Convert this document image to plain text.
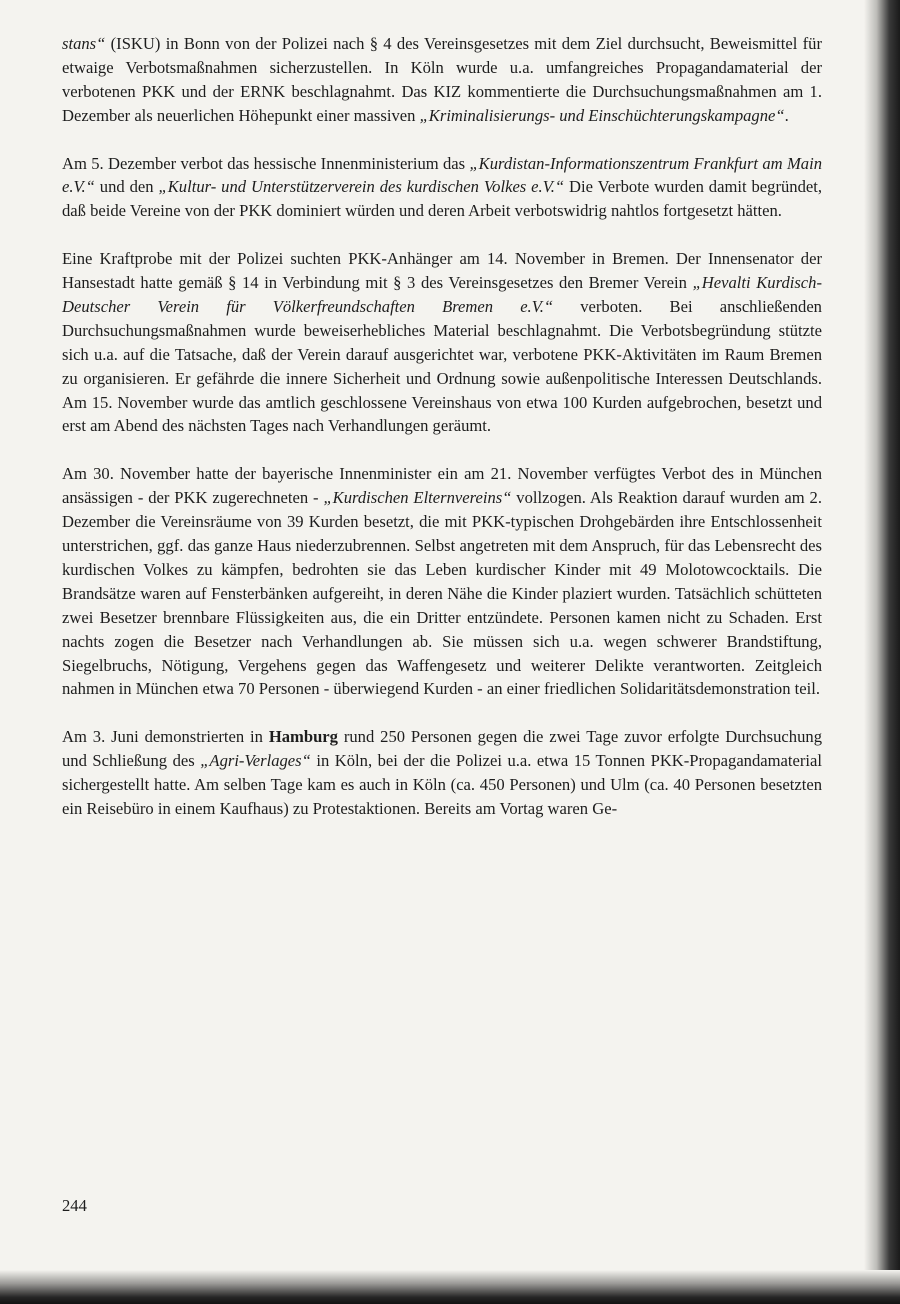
stans“ (ISKU) in Bonn von der Polizei nach § 4 des Vereinsgesetzes mit dem Ziel durchsucht, Beweismittel für etwaige Verbotsmaßnahmen sicherzustellen. In Köln wurde u.a. umfangreiches Propagandamaterial der verbotenen PKK und der ERNK beschlagnahmt. Das KIZ kommentierte die Durchsuchungsmaßnahmen am 1. Dezember als neuerlichen Höhepunkt einer massiven „Kriminalisierungs- und Einschüchterungskampagne“.

Am 5. Dezember verbot das hessische Innenministerium das „Kurdistan-Informationszentrum Frankfurt am Main e.V.“ und den „Kultur- und Unterstützerverein des kurdischen Volkes e.V.“ Die Verbote wurden damit begründet, daß beide Vereine von der PKK dominiert würden und deren Arbeit verbotswidrig nahtlos fortgesetzt hätten.

Eine Kraftprobe mit der Polizei suchten PKK-Anhänger am 14. November in Bremen. Der Innensenator der Hansestadt hatte gemäß § 14 in Verbindung mit § 3 des Vereinsgesetzes den Bremer Verein „Hevalti Kurdisch-Deutscher Verein für Völkerfreundschaften Bremen e.V.“ verboten. Bei anschließenden Durchsuchungsmaßnahmen wurde beweiserhebliches Material beschlagnahmt. Die Verbotsbegründung stützte sich u.a. auf die Tatsache, daß der Verein darauf ausgerichtet war, verbotene PKK-Aktivitäten im Raum Bremen zu organisieren. Er gefährde die innere Sicherheit und Ordnung sowie außenpolitische Interessen Deutschlands. Am 15. November wurde das amtlich geschlossene Vereinshaus von etwa 100 Kurden aufgebrochen, besetzt und erst am Abend des nächsten Tages nach Verhandlungen geräumt.

Am 30. November hatte der bayerische Innenminister ein am 21. November verfügtes Verbot des in München ansässigen - der PKK zugerechneten - „Kurdischen Elternvereins“ vollzogen. Als Reaktion darauf wurden am 2. Dezember die Vereinsräume von 39 Kurden besetzt, die mit PKK-typischen Drohgebärden ihre Entschlossenheit unterstrichen, ggf. das ganze Haus niederzubrennen. Selbst angetreten mit dem Anspruch, für das Lebensrecht des kurdischen Volkes zu kämpfen, bedrohten sie das Leben kurdischer Kinder mit 49 Molotowcocktails. Die Brandsätze waren auf Fensterbänken aufgereiht, in deren Nähe die Kinder plaziert wurden. Tatsächlich schütteten zwei Besetzer brennbare Flüssigkeiten aus, die ein Dritter entzündete. Personen kamen nicht zu Schaden. Erst nachts zogen die Besetzer nach Verhandlungen ab. Sie müssen sich u.a. wegen schwerer Brandstiftung, Siegelbruchs, Nötigung, Vergehens gegen das Waffengesetz und weiterer Delikte verantworten. Zeitgleich nahmen in München etwa 70 Personen - überwiegend Kurden - an einer friedlichen Solidaritätsdemonstration teil.

Am 3. Juni demonstrierten in Hamburg rund 250 Personen gegen die zwei Tage zuvor erfolgte Durchsuchung und Schließung des „Agri-Verlages“ in Köln, bei der die Polizei u.a. etwa 15 Tonnen PKK-Propagandamaterial sichergestellt hatte. Am selben Tage kam es auch in Köln (ca. 450 Personen) und Ulm (ca. 40 Personen besetzten ein Reisebüro in einem Kaufhaus) zu Protestaktionen. Bereits am Vortag waren Ge-

244
